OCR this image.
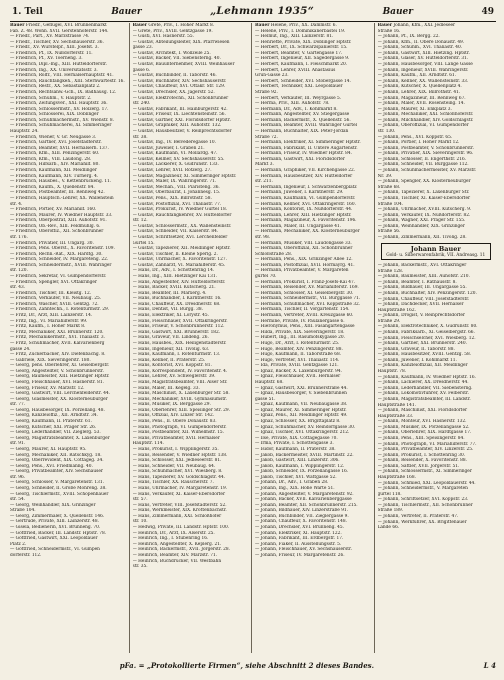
1. Teil	Bauer	„Lehmann 1935“	Bauer	49
Bauer Friedr., Geflügel, XVI. Brunnenmarkt
Fab. Z. 48. Wohn. XVII. Gerstenhoferstr. 144.
— Friedr., Part., XV. Märzstrasse 74.
— Friedr., Tischler, XV. Sechshauserstr. 36.
— Friedr., XV. Würstelpr., XIII. Josefst. 3.
— Friedrich, Pf., IX. Nußdorferstr. 11.
— Friedrich, Pf., XV. Toerneng. 3.
— Friedrich, Dipl.-Ing., XIII. Hütteldorferstr.
— Friedrich, Ing., XX. Universitätsstr. 3.
— Friedrich, Rolfr., VIII. Hernalserhauptstr. 41.
— Friedrich, Rauchfangkeh., XIII. Sternwartestr. 16.
— Friedrich, Restr., XX. Sebastianplatz 2.
— Friedrich, Rechtsanw.-Gch., IX. Badhausg. 12.
— Friedrich, Schuhm., V. Hauptstr. 2.
— Friedrich, Zeitungsver., XXI. Hauptstr. 36.
— Friedrich, Schlossermstr., XV. Holzerg. 17.
— Friedrich, Schlosserei, XIX. Döblinger
— Friedrich, Schuhmachermstr., XV. Wienstr. 8.
— Friedrich, Schuhmacherei, XI. Simmeringer
Hauptstr. 24.
— Friedrich, Wiener, V. Gr. Neugasse 3.
— Friedrich, Gärtner, XVI. Josefstädterstr.
— Friedrich, Beamter, XVII. Hernalserh. 137.
— Friedrich, Kfm., XIII. Penzingerstr. 60.
— Friedrich, Kfm., VIII. Laudong. 28.
— Friedrich, Hilfsarb., XIV. Mariahilf. 80.
— Friedrich, Kaufmann, XII. Meidlinger
— Friedrich, Kaufmann, XIV. Turnerg. 4.
— Friedrich, Hausbes., V. Kettenbrückeng. 11.
— Friedrich, Kaufm., X. Quellenstr. 84.
— Friedrich, Postbeamter, III. Rennweg 42.
— Friedrich, Hauptsch.-Lehrer, XX. Wallenstein
str. 4.
— Friedrich, Portier, XV. Mariahilf. 160.
— Friedrich, Maurer, IV. Wiedner Hauptstr. 33.
— Friedrich, Oberpostrat, XIII. Auhofstr. 91.
— Friedrich, Ob.-Rev., XIII. Feldmühlg. 6.
— Friedrich, Oberoffiz., XII. Schönbrunner
str. 176.
— Friedrich, Privatier, III. Ungarg. 30.
— Friedrich, Pens. Oberst., X. Favoritenstr. 109.
— Friedrich, Rechn.-Rat., XIX. Hardtg. 30.
— Friedrich, Schneider, IV. Margareteng. 22.
— Friedrich, Schneidermstr., XVIII. Währinger
str. 120.
— Friedrich, Sekretär, VI. Gumpendorferstr.
— Friedrich, Spengler, XVI. Ottakringer
str. 43.
— Friedrich, Tischler, III. Kleistg. 12.
— Friedrich, Verkäufer, VII. Neubaug. 25.
— Friedrich, Wäscher, XVIII. Gentzg. 72.
— Friedrich, Zahntechn., I. Rotenturmstr. 29.
— Fritz, Dr., Arzt, XIII. Lainzerstr. 14.
— Fritz, Ing., VI. Mariahilferstr. 99.
— Fritz, Kaufm., I. Hoher Markt 8.
— Fritz, Mechaniker, XXI. Brünnerstr. 120.
— Fritz, Mechanikermstr., XVI. Thaliastr. 3.
— Fritz, Schuhmacher, XVII. Kalvarienberg
gasse 24.
— Fritz, Zuckerbäcker, XIV. Diefenbachg. 8.
— Gabriele, XIX. Sieveringerstr. 180.
— Georg, pens. Oberlehrer, XI. Geiselbergstr.
— Georg, Angestellter, V. Schönbrunnerstr.
— Georg, Baumeister, XIII. Hietzinger Hptstr.
— Georg, Fleischhauer, XVI. Hasnerstr. 81.
— Georg, Friseur, XV. Märzstr. 12.
— Georg, Gastwirt, VIII. Lerchenfelderstr. 44.
— Georg, Glasmeister, XX. Klosterneuburger
str. 77.
— Georg, Hausbesorger, IX. Porzellang. 48.
— Georg, Kanzleioffiz., XII. Arndtstr. 34.
— Georg, Kaufmann, II. Praterstr. 61.
— Georg, Kutscher, XXI. Prager Str. 26.
— Georg, Lederhändler, VII. Zieglerg. 53.
— Georg, Magistratsbeamter, X. Laxenburger
str. 91.
— Georg, Maurer, XI. Hauptstr. 95.
— Georg, Mechaniker, XII. Ratschkyg. 18.
— Georg, Oberrevident, XIX. Cottageg. 34.
— Georg, Pens., XVI. Friedmanng. 40.
— Georg, Privatbeamter, XIV. Sechshauser
str. 96.
— Georg, Schlosser, V. Margaretenstr. 131.
— Georg, Schneider, II. Große Mohreng. 38.
— Georg, Tischlermstr., XVIII. Schopenhauer
str. 54.
— Georg, Weinhändler, XIX. Grinzinger
Straße 104.
— Georg, Zimmermaler, X. Quellenstr. 146.
— Gertrude, Private, XIII. Lainzerstr. 48.
— Gisela, Bedienerin, XVI. Brunneng. 70.
— Gottfried, Bäcker, III. Landstr. Hptstr. 78.
— Gottfried, Gastwirt, XXI. Leopoldauer
Platz 2.
— Gottfried, Schneidermstr., VI. Gumpen
dorferstr. 112.
Bauer Grete, Priv., I. Hoher Markt 8.
— Grete, Priv., XVIII. Gentzgasse 19.
— Gusti, XVI. Hasnerstr. 55.
— Gustav, Abteilungsleiter, XIX. Pfarrwiesen
gasse 23.
— Gustav, Architekt, I. Wollzeile 25.
— Gustav, Bäcker, VII. Siebensterng. 40.
— Gustav, Bauunternehmer, XVIII. Weinhauser
gasse 6.
— Gustav, Buchbinder, II. Taborstr. 46.
— Gustav, Buchhalter, XIV. Sechshauserstr.
— Gustav, Chauffeur, XVI. Ottakr. Str. 129.
— Gustav, Drechsler, XX. Jägerstr. 52.
— Gustav, Elektrotechn., XII. Schönbrunner
str. 240.
— Gustav, Fabrikant, III. Hainburgerstr. 42.
— Gustav, Friseur, IX. Liechtensteinstr. 56.
— Gustav, Gärtner, XXI. Floridsdorfer Hptstr.
— Gustav, Graphiker, XIII. Auhofstr. 132.
— Gustav, Hausbesitzer, V. Reinprechtsdorfer
str. 38.
— Gustav, Ing., IV. Belvederegasse 10.
— Gustav, Juwelier, I. Graben 21.
— Gustav, Kaufmann, VI. Mollardg. 47.
— Gustav, Kellner, XV. Sechshauserstr. 55.
— Gustav, Lackierer, X. Gudrunstr. 133.
— Gustav, Lehrer, XVII. Rötzerg. 27.
— Gustav, Magazineur, XI. Simmeringer Hptstr.
— Gustav, Maler, IX. Währingerstr. 71.
— Gustav, Mechan., VIII. Piaristeng. 36.
— Gustav, Oberbaurat, I. Johannesg. 15.
— Gustav, Pens., XIX. Billrothstr. 58.
— Gustav, Postoffizial, XVI. Thaliastr. 77.
— Gustav, Prokurist, IV. Wiedner Gürtel 18.
— Gustav, Rauchfangkehrer, XV. Hütteldorfer
str. 12.
— Gustav, Schlossermstr., XX. Wallensteinstr.
— Gustav, Schneider, VII. Kaiserstr. 84.
— Gustav, Schriftsetzer, XVI. Lerchenfelder
Gürtel 15.
— Gustav, Tapezierer, XII. Meidlinger Hptstr.
— Gustav, Tischler, II. Kleine Sperlg. 2.
— Gustav, Uhrmacher, X. Favoritenstr. 127.
— Gustav, Zahnarzt, VI. Mariahilferstr. 45.
— Hans, Dr., Adv., I. Schottenring 14.
— Hans, Ing., XIII. Hietzinger Kai 131.
— Hans, Angestellter, XIV. Hütteldorferstr.
— Hans, Bäcker, XVIII. Kutscherg. 21.
— Hans, Beamter, III. Marxerg. 4.
— Hans, Buchhändler, I. Kärntnerstr. 16.
— Hans, Chauffeur, XX. Dresdnerstr. 68.
— Hans, Dentist, VII. Burgg. 38.
— Hans, Elektriker, XI. Lorystr. 45.
— Hans, Fleischhauer, XVII. Ottakringerstr.
— Hans, Friseur, V. Schönbrunnerstr. 112.
— Hans, Gastwirt, XXI. Brünnerstr. 182.
— Hans, Graveur, VII. Lindeng. 26.
— Hans, Hausbes., XIX. Heiligenstädterstr.
— Hans, Ingenieur, XII. Tivolig. 63.
— Hans, Kaufmann, I. Rotenturmstr. 13.
— Hans, Kellner, II. Praterstr. 25.
— Hans, Kontorist, XVI. Koppstr. 81.
— Hans, Korrespondent, IV. Favoritenstr. 4.
— Hans, Lehrer, XV. Schweglerstr. 39.
— Hans, Magistratsbeamter, VIII. Alser Str.
— Hans, Maler, III. Kegelg. 33.
— Hans, Maschinist, X. Laxenburger Str. 58.
— Hans, Mechaniker, XVIII. Gymnasiumstr.
— Hans, Musiker, IX. Berggasse 29.
— Hans, Oberlehrer, XIII. Speisinger Str. 29.
— Hans, Offizial, XIV. Linzer Str. 142.
— Hans, Pens., II. Obere Donaustr. 83.
— Hans, Photograph, VI. Gumpendorferstr.
— Hans, Postbeamter, XII. Wilhelmstr. 15.
— Hans, Privatbeamter, XVII. Hernalser
Hauptstr. 114.
— Hans, Prokurist, I. Wipplingerstr. 35.
— Hans, Reisender, V. Wiedner Hptstr. 138.
— Hans, Schlosser, XXI. Jedleseerstr. 81.
— Hans, Schneider, VII. Neubaug. 64.
— Hans, Schuhmacher, XVI. Wiesberg. 8.
— Hans, Tapezierer, XV. Goldschlagstr. 44.
— Hans, Tischler, XX. Rauscherstr. 7.
— Hans, Uhrmacher, IV. Margaretenstr. 19.
— Hans, Verkäufer, XI. Kaiser-Ebersdorfer
str. 57.
— Hans, Vertreter, VIII. Josefstädterstr. 52.
— Hans, Werkmeister, XIX. Krottenbachstr.
— Hans, Zimmermann, XXI. Schloßhofer
str. 10.
— Hedwig, Private, III. Landstr. Hptstr. 100.
— Heinrich, Dr., Arzt, IX. Alserstr. 25.
— Heinrich, Ing., I. Stubenring 16.
— Heinrich, Angestellter, X. Keplerg. 21.
— Heinrich, Bäckermstr., XVII. Jörgerstr. 28.
— Heinrich, Beamter, XIV. Märzstr. 71.
— Heinrich, Buchdrucker, VII. Westbahn
str. 35.
Bauer Helene, Priv., XX. Dammstr. 6.
— Helene, Priv., I. Dominikanerbastei 19.
— Helmut, Ing., XIII. Lainzerstr. 81.
— Henriette, Private, XIX. Döblinger Hptstr.
— Herbert, Dr., IX. Schwarzspanierstr. 15.
— Herbert, Beamter, V. Gartengasse 17.
— Herbert, Ingenieur, XII. Sagedergasse 9.
— Herbert, Kaufmann, I. Fleischmarkt 20.
— Herbert, Lehrer, XVIII. Anastasius
Grün-Gasse 23.
— Herbert, Schneider, XVI. Stöbergasse 14.
— Herbert, Techniker, XXI. Leopoldauer
Straße 92.
— Herbert, Verkäufer, III. Weyrgasse 5.
— Herma, Priv., XIII. Auhofstr. 78.
— Hermann, Dr., Adv., I. Kohlmarkt 8.
— Hermann, Angestellter, XV. Stiegergasse
— Hermann, Bäckermstr., X. Quellenstr. 56.
— Hermann, Beamter, XVIII. Währinger Gürtel
— Hermann, Buchhalter, XIX. Peter-Jordan
Straße 72.
— Hermann, Elektriker, XI. Simmeringer Hptstr.
— Hermann, Fabrikant, II. Untere Augartenstr.
— Hermann, Friseur, IV. Wiedner Hptstr. 84.
— Hermann, Gastwirt, XXI. Floridsdorfer
Markt 3.
— Hermann, Graphiker, VII. Kirchengasse 22.
— Hermann, Hausbesitzer, XIV. Hütteldorfer
str. 211.
— Hermann, Ingenieur, I. Schwarzenbergplatz
— Hermann, Juwelier, I. Kärntnerstr. 29.
— Hermann, Kaufmann, VI. Gumpendorferstr.
— Hermann, Kellner, XVI. Ottakringerstr. 160.
— Hermann, Kontorist, IX. Nußdorferstr. 44.
— Hermann, Lehrer, XIII. Hietzinger Hptstr.
— Hermann, Magazineur, X. Favoritenstr. 196.
— Hermann, Maler, III. Ungargasse 41.
— Hermann, Mechaniker, XX. Klosterneuburger
str. 98.
— Hermann, Musiker, VIII. Laudongasse 33.
— Hermann, Oberoffizial, XII. Schönbrunner
Schloßstraße 28.
— Hermann, Pens., XIX. Grinzinger Allee 12.
— Hermann, Postoffizial, XVII. Hormayrg. 41.
— Hermann, Privatbeamter, V. Margareten
gürtel 70.
— Hermann, Prokurist, I. Franz-Josefs-Kai 47.
— Hermann, Reisender, XV. Mariahilferstr. 169.
— Hermann, Schlosser, XI. Geiselbergstr. 30.
— Hermann, Schneidermstr., VII. Burggasse 71.
— Hermann, Schuhmacher, XVI. Koppstraße 32.
— Hermann, Tischler, II. Vorgartenstr. 154.
— Hermann, Vertreter, XVIII. Kreuzgasse 60.
— Hermine, Private, IV. Paulanergasse 6.
— Hieronymus, Pens., XIII. Fasangartengasse
— Hilda, Private, XIX. Sieveringerstr. 18.
— Hubert, Ing., III. Rasumofskygasse 20.
— Hugo, Dr., Arzt, I. Rotenturmstr. 25.
— Hugo, Beamter, XIV. Penzingerstr. 88.
— Hugo, Kaufmann, II. Taborstraße 68.
— Hugo, Vertreter, XVI. Thaliastr. 114.
— Ida, Private, XVIII. Gentzgasse 121.
— Ignaz, Bäcker, X. Laxenburgerstr. 94.
— Ignaz, Fleischhauer, XVII. Hernalser
Hauptstr. 68.
— Ignaz, Gastwirt, XXI. Brünnerstraße 44.
— Ignaz, Hausbesorger, V. Siebenbrunnen
gasse 51.
— Ignaz, Kaufmann, VII. Neubaugasse 38.
— Ignaz, Maurer, XI. Simmeringer Hptstr.
— Ignaz, Pens., XII. Meidlinger Hptstr. 49.
— Ignaz, Schlosser, XX. Brigittaplatz 8.
— Ignaz, Schuhmacher, XV. Reindorfgasse 30.
— Ignaz, Tischler, XVI. Ottakringerstr. 212.
— Ilse, Private, XIX. Cottagegasse 70.
— Irma, Private, I. Schottengasse 3.
— Isidor, Kaufmann, II. Praterstr. 38.
— Jakob, Bäckermeister, XVIII. Martinstr. 22.
— Jakob, Gastwirt, XIII. Linzerstr. 306.
— Jakob, Kaufmann, I. Wipplingerstr. 12.
— Jakob, Schneider, IX. Porzellangasse 16.
— Jakob, Tischler, XVI. Wattgasse 52.
— Johann, Dr., Adv., I. Graben 28.
— Johann, Ing., XIX. Hohe Warte 51.
— Johann, Angestellter, V. Margaretenstr. 92.
— Johann, Bäcker, XVII. Kalvarienberggasse
— Johann, Beamter, XII. Schönbrunnerstr. 215.
— Johann, Bildhauer, XIV. Linzerstraße 91.
— Johann, Buchbinder, VII. Zieglergasse 9.
— Johann, Chauffeur, X. Favoritenstr. 148.
— Johann, Drechsler, XVI. Brunneng. 45.
— Johann, Elektriker, XI. Hauptstr. 122.
— Johann, Fabrikant, III. Erdbergstr. 17.
— Johann, Fiaker, II. Ausstellungsstr. 5.
— Johann, Fleischhauer, XV. Sechshauserstr.
— Johann, Friseur, IV. Margaretenstr. 26.
Bauer Johann, Kfm., XXI. Jedleseer
Straße 16.
— Johann, Pf., IX. Bergg. 22.
— Johann, Kfm., II. Obere Donaustr. 49.
— Johann, Schuhm., XVI. Thaliastr. 40.
— Johann, Gastwirt, XIII. Hietzing. Hptstr.
— Johann, Glaser, XV. Hütteldorferstr. 31.
— Johann, Hausbesorger, VIII. Lange Gasse
— Johann, Ingenieur, XVIII. Währingerstr.
— Johann, Kaufm., XII. Arndtstr. 61.
— Johann, Kellner, XX. Wallensteinstr. 33.
— Johann, Kutscher, X. Quellenplatz 4.
— Johann, Lehrer, XIX. Billrothstr. 41.
— Johann, Magazineur, III. Rennweg 67.
— Johann, Maler, XVII. Rosensteing. 14.
— Johann, Maurer, XI. Enkplatz 3.
— Johann, Mechaniker, XXI. Schloßhoferstr.
— Johann, Milchhändler, XIV. Goldschlagstr.
— Johann, Oberoffizial, VI. Gumpendorfer
str. 130.
— Johann, Pens., XVI. Koppstr. 65.
— Johann, Portier, I. Hoher Markt 12.
— Johann, Postbeamter, V. Schönbrunnerstr.
— Johann, Privatier, XIX. Sieveringerstr. 96.
— Johann, Schlosser, II. Engerthstr. 216.
— Johann, Schneider, VII. Burggasse 112.
— Johann, Schuhmachermeister, XV. Märzstr.
Nr. 39.
— Johann, Spengler, XX. Klosterneuburger
Straße 68.
— Johann, Tapezierer, X. Laxenburger Str.
— Johann, Tischler, XI. Kaiser-Ebersdorfer
Straße 104.
— Johann, Uhrmacher, XVIII. Kutscherg. 9.
— Johann, Verkäufer, IX. Nußdorferstr. 82.
— Johann, Wagner, XXI. Prager Str. 155.
— Johann, Weinhändler, XIX. Grinzinger
Straße 56.
— Johann, Zimmermann, XII. Tivolig. 28.
Johann Bauer
Gold- u. Silberwarenfabrik, VII. Andreasg. 11
— Johann, Bäckermstr., XVI. Ottakringer
Straße 128.
— Johann, Baumeister, XIII. Auhofstr. 210.
— Johann, Beamter, I. Rathausstr. 8.
— Johann, Bildhauer, III. Ungargasse 55.
— Johann, Buchhalter, XIV. Penzingerstr. 120.
— Johann, Chauffeur, VIII. Josefstädterstr.
— Johann, Dachdecker, XVII. Hernalser
Hauptstraße 162.
— Johann, Drogist, V. Reinprechtsdorfer
Straße 29.
— Johann, Elektrotechniker, X. Gudrunstr. 80.
— Johann, Fabriksarb., XI. Geiselbergstr. 66.
— Johann, Fleischselcher, XVI. Wiesberg. 12.
— Johann, Gärtner, XXI. Brünnerstr. 240.
— Johann, Graveur, II. Taborstr. 88.
— Johann, Hausbesitzer, XVIII. Gentzg. 58.
— Johann, Juwelier, I. Kohlmarkt 11.
— Johann, Kanzleioffizial, XII. Meidlinger
Hauptstr. 78.
— Johann, Kaufmann, IV. Wiedner Hptstr. 16.
— Johann, Lackierer, XX. Dresdnerstr. 44.
— Johann, Lederhändler, VII. Siebensterng.
— Johann, Lokomotivführer, XV. Felberstr.
— Johann, Magistratsbeamter, III. Landstr.
Hauptstraße 141.
— Johann, Maschinist, XXI. Floridsdorfer
Hauptstraße 33.
— Johann, Monteur, XVI. Hasnerstr. 132.
— Johann, Musiker, IX. Porzellangasse 52.
— Johann, Oberlehrer, XIX. Hardtgasse 17.
— Johann, Pens., XIII. Speisingerstr. 84.
— Johann, Photograph, VI. Mariahilferstr. 77.
— Johann, Privatbeamter, XIV. Linzerstr. 25.
— Johann, Prokurist, I. Schottenring 30.
— Johann, Reisender, X. Favoritenstr. 88.
— Johann, Sattler, XVII. Jörgerstr. 51.
— Johann, Schlossermstr., XI. Simmeringer
Hauptstraße 168.
— Johann, Schmied, XXI. Leopoldauerstr. 44.
— Johann, Schneidermstr., V. Margareten
gürtel 118.
— Johann, Schriftsetzer, XVI. Koppstr. 23.
— Johann, Tischlermstr., XII. Schönbrunner
Straße 189.
— Johann, Vertreter, II. Praterstr. 47.
— Johann, Werkführer, XX. Brigittenauer
Lände 66.
pFa. = „Protokollierte Firmen“, siehe Abschnitt 2 dieses Bandes.	L 4
